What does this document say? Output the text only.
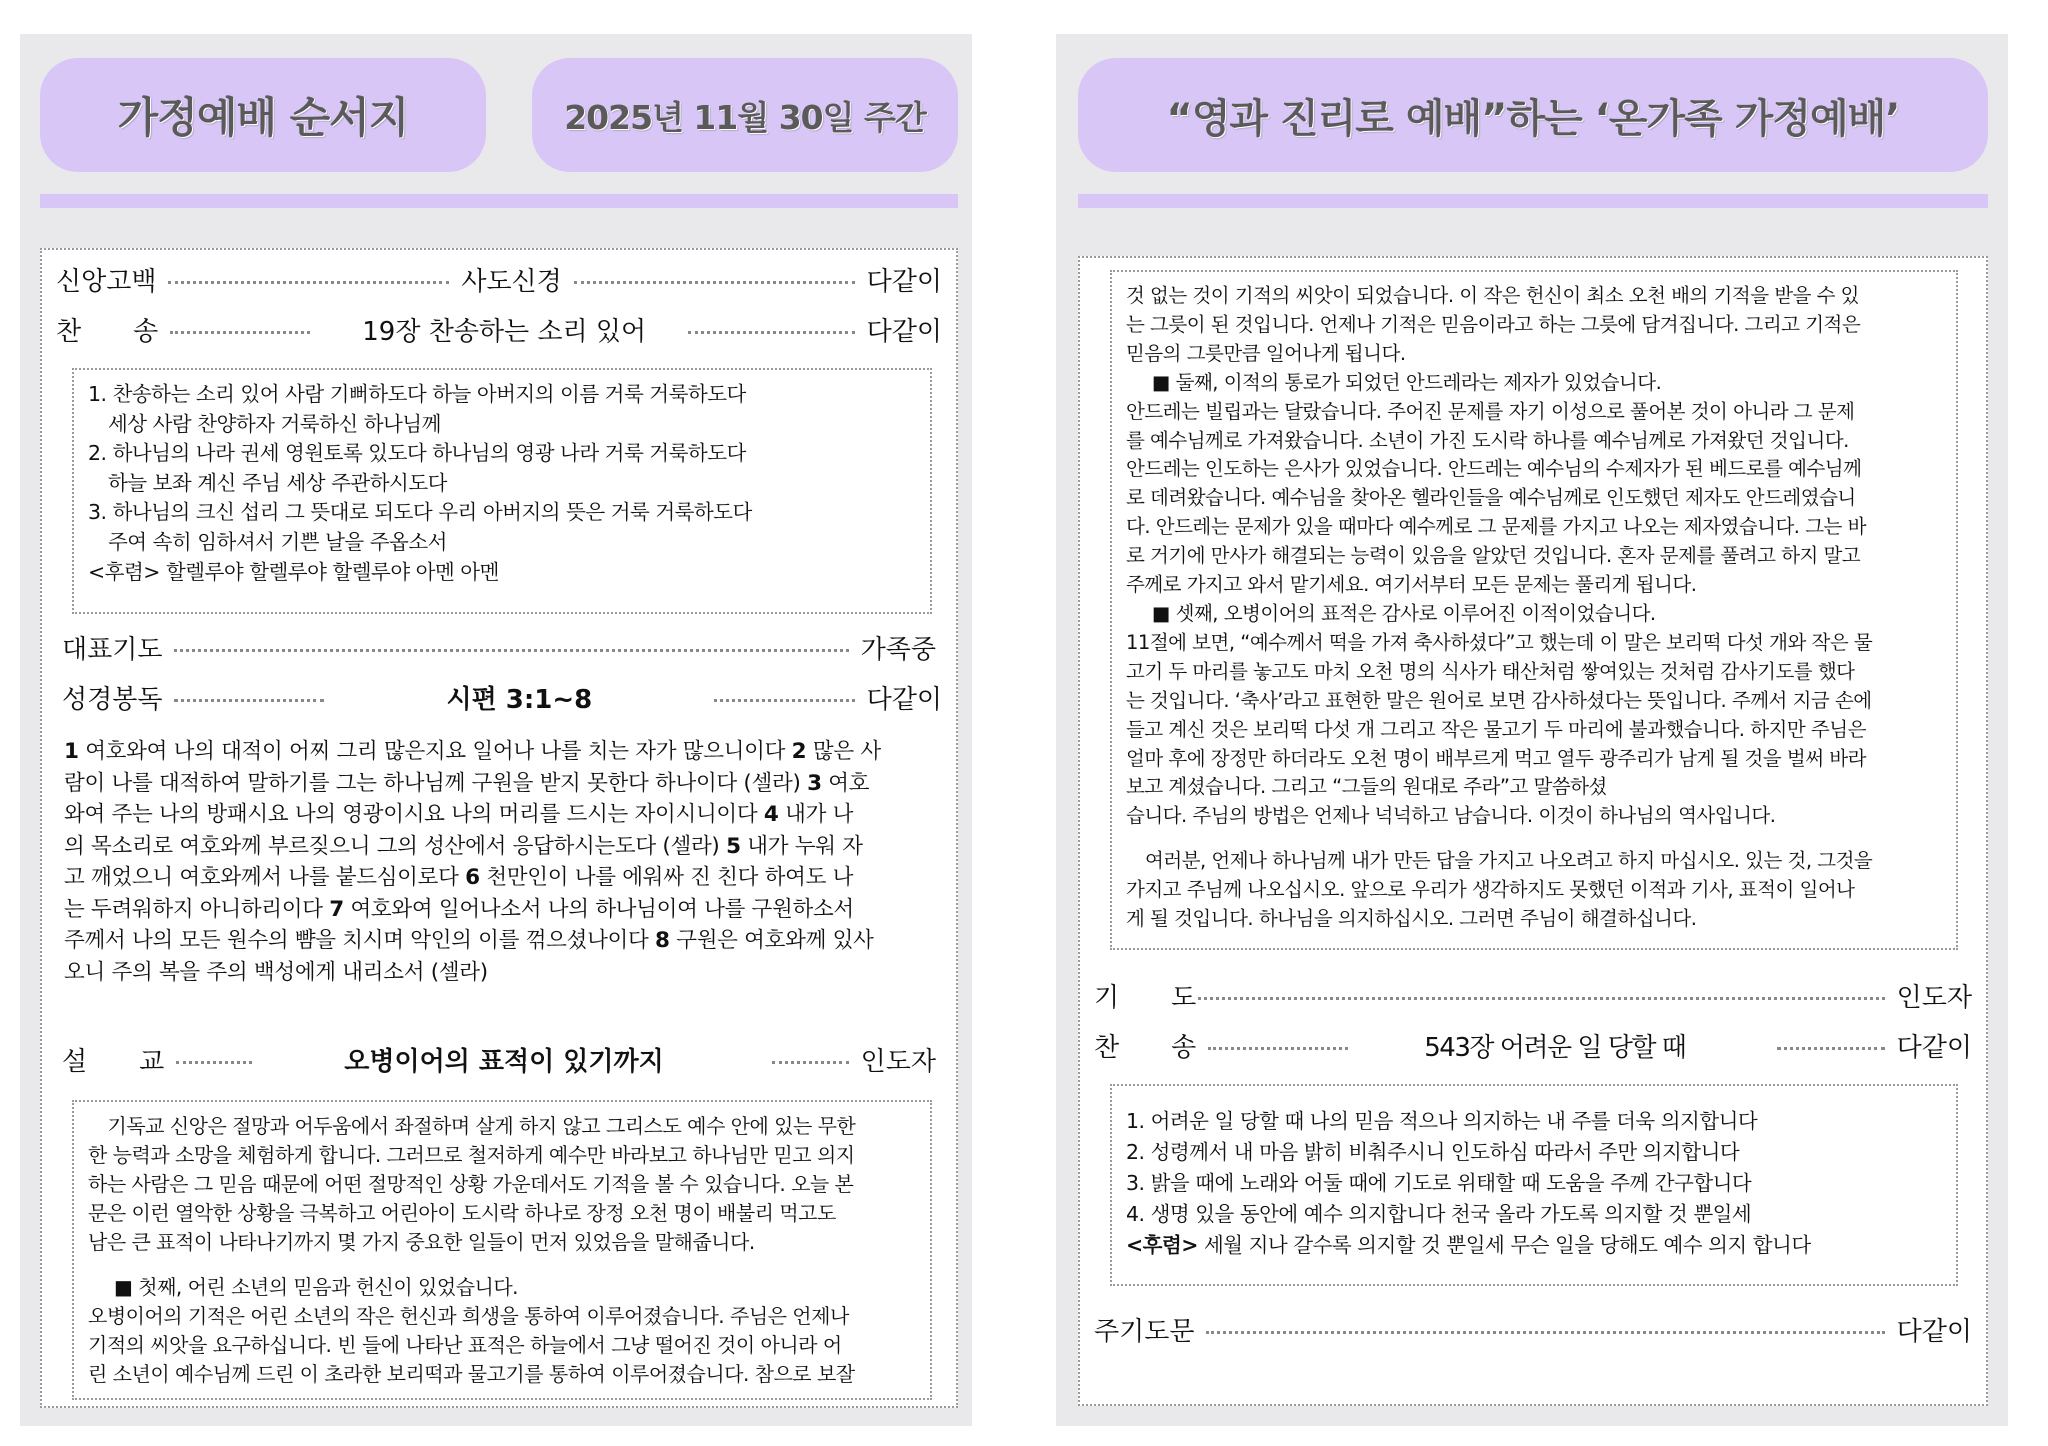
가정예배 순서지	2025년 11월 30일 주간
신앙고백	사도신경	다같이
찬　　송	19장 찬송하는 소리 있어	다같이
1. 찬송하는 소리 있어 사람 기뻐하도다 하늘 아버지의 이름 거룩 거룩하도다
세상 사람 찬양하자 거룩하신 하나님께
2. 하나님의 나라 권세 영원토록 있도다 하나님의 영광 나라 거룩 거룩하도다
하늘 보좌 계신 주님 세상 주관하시도다
3. 하나님의 크신 섭리 그 뜻대로 되도다 우리 아버지의 뜻은 거룩 거룩하도다
주여 속히 임하셔서 기쁜 날을 주옵소서
<후렴> 할렐루야 할렐루야 할렐루야 아멘 아멘
대표기도	가족중
성경봉독	시편 3:1~8	다같이
1 여호와여 나의 대적이 어찌 그리 많은지요 일어나 나를 치는 자가 많으니이다 2 많은 사
람이 나를 대적하여 말하기를 그는 하나님께 구원을 받지 못한다 하나이다 (셀라) 3 여호
와여 주는 나의 방패시요 나의 영광이시요 나의 머리를 드시는 자이시니이다 4 내가 나
의 목소리로 여호와께 부르짖으니 그의 성산에서 응답하시는도다 (셀라) 5 내가 누워 자
고 깨었으니 여호와께서 나를 붙드심이로다 6 천만인이 나를 에워싸 진 친다 하여도 나
는 두려워하지 아니하리이다 7 여호와여 일어나소서 나의 하나님이여 나를 구원하소서
주께서 나의 모든 원수의 뺨을 치시며 악인의 이를 꺾으셨나이다 8 구원은 여호와께 있사
오니 주의 복을 주의 백성에게 내리소서 (셀라)
설　　교	오병이어의 표적이 있기까지	인도자
　기독교 신앙은 절망과 어두움에서 좌절하며 살게 하지 않고 그리스도 예수 안에 있는 무한
한 능력과 소망을 체험하게 합니다. 그러므로 철저하게 예수만 바라보고 하나님만 믿고 의지
하는 사람은 그 믿음 때문에 어떤 절망적인 상황 가운데서도 기적을 볼 수 있습니다. 오늘 본
문은 이런 열악한 상황을 극복하고 어린아이 도시락 하나로 장정 오천 명이 배불리 먹고도
남은 큰 표적이 나타나기까지 몇 가지 중요한 일들이 먼저 있었음을 말해줍니다.
■ 첫째, 어린 소년의 믿음과 헌신이 있었습니다.
오병이어의 기적은 어린 소년의 작은 헌신과 희생을 통하여 이루어졌습니다. 주님은 언제나
기적의 씨앗을 요구하십니다. 빈 들에 나타난 표적은 하늘에서 그냥 떨어진 것이 아니라 어
린 소년이 예수님께 드린 이 초라한 보리떡과 물고기를 통하여 이루어졌습니다. 참으로 보잘
“영과 진리로 예배”하는 ‘온가족 가정예배’
것 없는 것이 기적의 씨앗이 되었습니다. 이 작은 헌신이 최소 오천 배의 기적을 받을 수 있
는 그릇이 된 것입니다. 언제나 기적은 믿음이라고 하는 그릇에 담겨집니다. 그리고 기적은
믿음의 그릇만큼 일어나게 됩니다.
■ 둘째, 이적의 통로가 되었던 안드레라는 제자가 있었습니다.
안드레는 빌립과는 달랐습니다. 주어진 문제를 자기 이성으로 풀어본 것이 아니라 그 문제
를 예수님께로 가져왔습니다. 소년이 가진 도시락 하나를 예수님께로 가져왔던 것입니다.
안드레는 인도하는 은사가 있었습니다. 안드레는 예수님의 수제자가 된 베드로를 예수님께
로 데려왔습니다. 예수님을 찾아온 헬라인들을 예수님께로 인도했던 제자도 안드레였습니
다. 안드레는 문제가 있을 때마다 예수께로 그 문제를 가지고 나오는 제자였습니다. 그는 바
로 거기에 만사가 해결되는 능력이 있음을 알았던 것입니다. 혼자 문제를 풀려고 하지 말고
주께로 가지고 와서 맡기세요. 여기서부터 모든 문제는 풀리게 됩니다.
■ 셋째, 오병이어의 표적은 감사로 이루어진 이적이었습니다.
11절에 보면, “예수께서 떡을 가져 축사하셨다”고 했는데 이 말은 보리떡 다섯 개와 작은 물
고기 두 마리를 놓고도 마치 오천 명의 식사가 태산처럼 쌓여있는 것처럼 감사기도를 했다
는 것입니다. ‘축사’라고 표현한 말은 원어로 보면 감사하셨다는 뜻입니다. 주께서 지금 손에
들고 계신 것은 보리떡 다섯 개 그리고 작은 물고기 두 마리에 불과했습니다. 하지만 주님은
얼마 후에 장정만 하더라도 오천 명이 배부르게 먹고 열두 광주리가 남게 될 것을 벌써 바라
보고 계셨습니다. 그리고 “그들의 원대로 주라”고 말씀하셨
습니다. 주님의 방법은 언제나 넉넉하고 남습니다. 이것이 하나님의 역사입니다.
　여러분, 언제나 하나님께 내가 만든 답을 가지고 나오려고 하지 마십시오. 있는 것, 그것을
가지고 주님께 나오십시오. 앞으로 우리가 생각하지도 못했던 이적과 기사, 표적이 일어나
게 될 것입니다. 하나님을 의지하십시오. 그러면 주님이 해결하십니다.
기　　도	인도자
찬　　송	543장 어려운 일 당할 때	다같이
1. 어려운 일 당할 때 나의 믿음 적으나 의지하는 내 주를 더욱 의지합니다
2. 성령께서 내 마음 밝히 비춰주시니 인도하심 따라서 주만 의지합니다
3. 밝을 때에 노래와 어둘 때에 기도로 위태할 때 도움을 주께 간구합니다
4. 생명 있을 동안에 예수 의지합니다 천국 올라 가도록 의지할 것 뿐일세
<후렴> 세월 지나 갈수록 의지할 것 뿐일세 무슨 일을 당해도 예수 의지 합니다
주기도문	다같이
